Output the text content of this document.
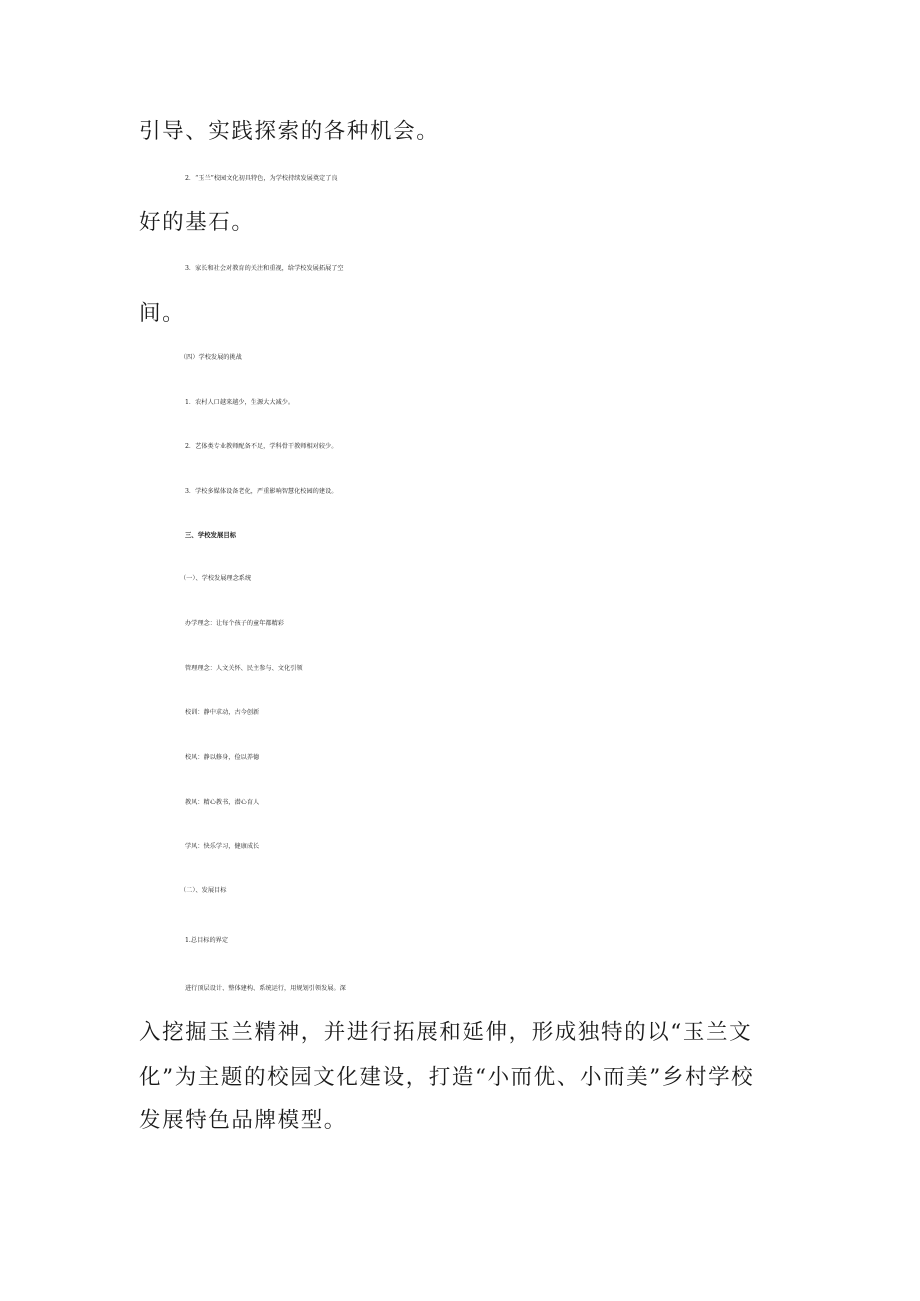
引导、实践探索的各种机会。
2．“玉兰”校园文化初具特色，为学校持续发展奠定了良
好的基石。
3．家长和社会对教育的关注和重视，给学校发展拓展了空
间。
（四）学校发展的挑战
1．农村人口越来越少，生源大大减少。
2．艺体类专业教师配备不足，学科骨干教师相对较少。
3．学校多媒体设备老化，严重影响智慧化校园的建设。
三、学校发展目标
（一）、学校发展理念系统
办学理念：让每个孩子的童年都精彩
管理理念：人文关怀、民主参与、文化引领
校训：静中求动，古今创新
校风：静以修身，俭以养德
教风：精心教书，潜心育人
学风：快乐学习，健康成长
（二）、发展目标
1.总目标的界定
进行顶层设计、整体建构、系统运行，用规划引领发展。深
入挖掘玉兰精神，并进行拓展和延伸，形成独特的以“玉兰文
化”为主题的校园文化建设，打造“小而优、小而美”乡村学校
发展特色品牌模型。
